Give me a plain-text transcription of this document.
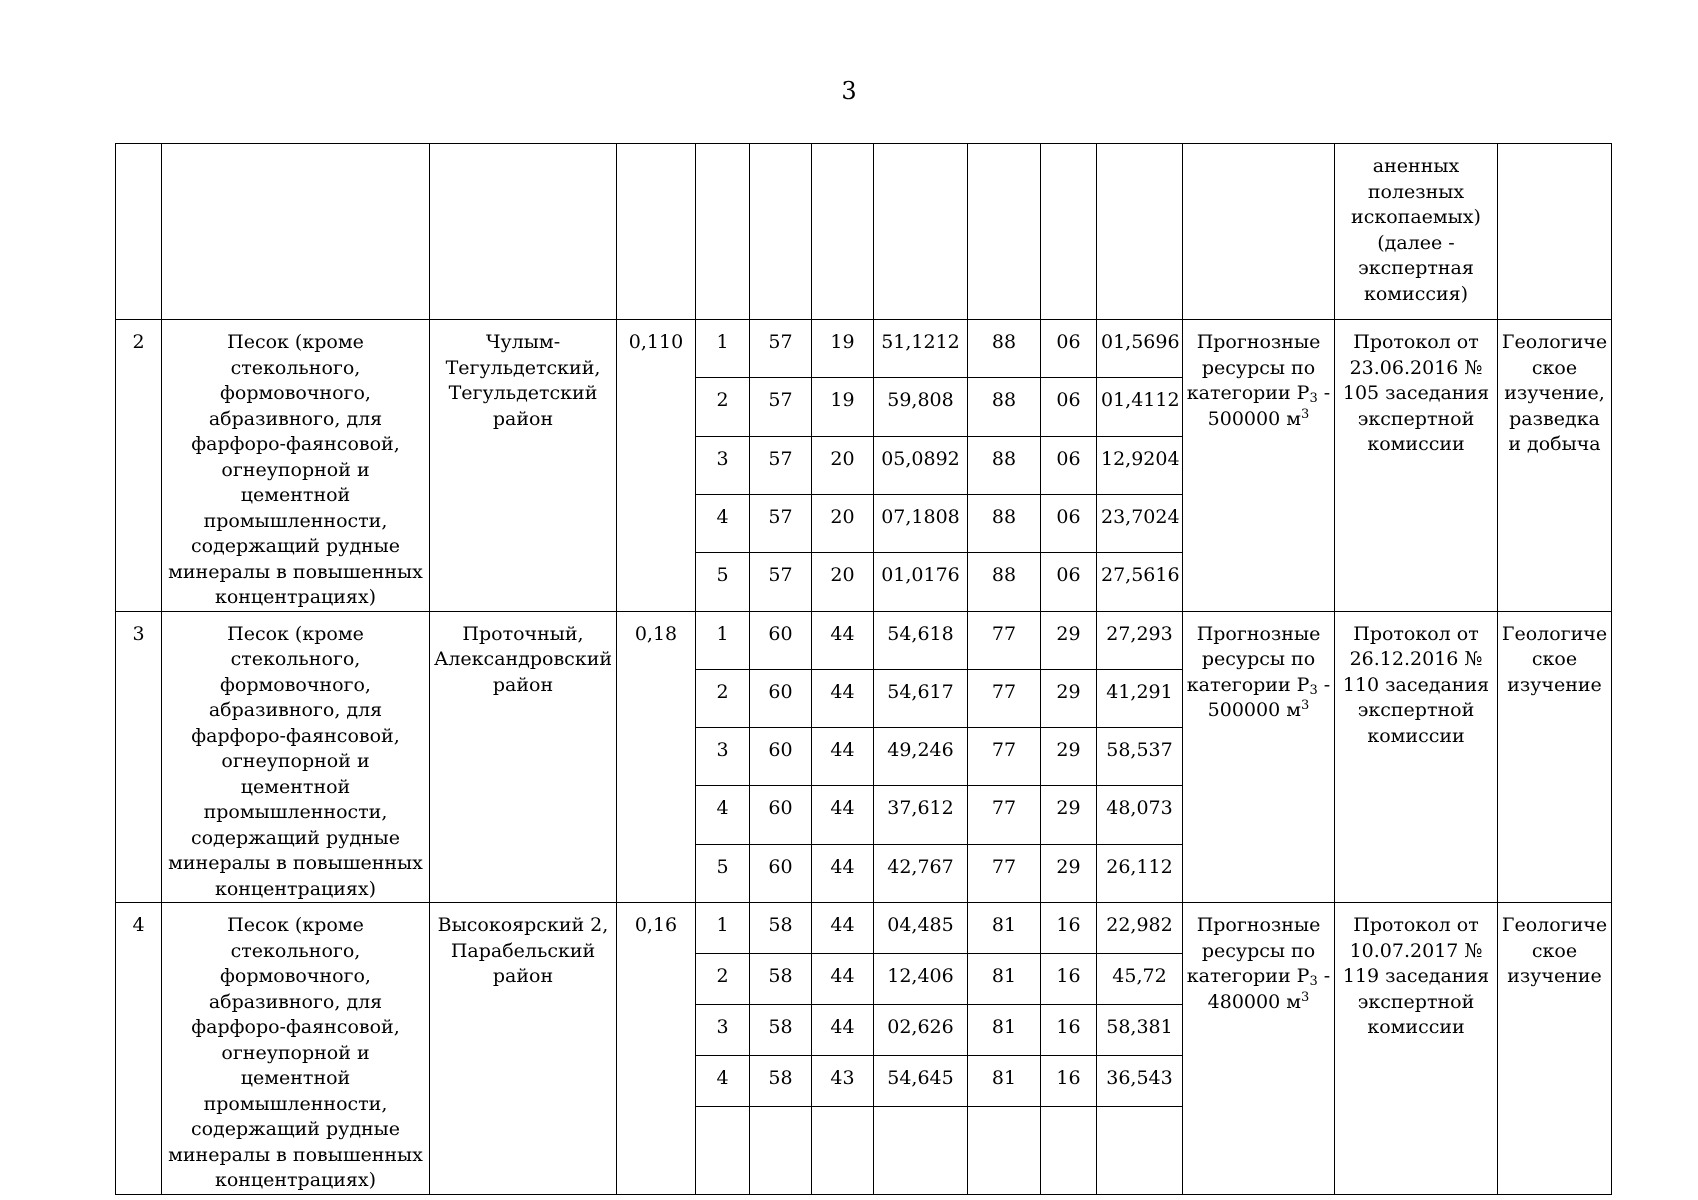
3
												аненных полезных ископаемых) (далее - экспертная комиссия)	
2	Песок (кроме стекольного, формовочного, абразивного, для фарфоро-фаянсовой, огнеупорной и цементной промышленности, содержащий рудные минералы в повышенных концентрациях)	Чулым-Тегульдетский, Тегульдетский район	0,110	1	57	19	51,1212	88	06	01,5696	Прогнозные ресурсы по категории $Р_3 - 500000$ $м^3$	Протокол от 23.06.2016 № 105 заседания экспертной комиссии	Геологиче ское изучение, разведка и добыча
				2	57	19	59,808	88	06	01,4112			
				3	57	20	05,0892	88	06	12,9204			
				4	57	20	07,1808	88	06	23,7024			
				5	57	20	01,0176	88	06	27,5616			
3	Песок (кроме стекольного, формовочного, абразивного, для фарфоро-фаянсовой, огнеупорной и цементной промышленности, содержащий рудные минералы в повышенных концентрациях)	Проточный, Александровский район	0,18	1	60	44	54,618	77	29	27,293	Прогнозные ресурсы по категории $Р_3 - 500000$ $м^3$	Протокол от 26.12.2016 № 110 заседания экспертной комиссии	Геологиче ское изучение
				2	60	44	54,617	77	29	41,291			
				3	60	44	49,246	77	29	58,537			
				4	60	44	37,612	77	29	48,073			
				5	60	44	42,767	77	29	26,112			
4	Песок (кроме стекольного, формовочного, абразивного, для фарфоро-фаянсовой, огнеупорной и цементной промышленности, содержащий рудные минералы в повышенных концентрациях)	Высокоярский 2, Парабельский район	0,16	1	58	44	04,485	81	16	22,982	Прогнозные ресурсы по категории $Р_3 - 480000$ $м^3$	Протокол от 10.07.2017 № 119 заседания экспертной комиссии	Геологиче ское изучение
				2	58	44	12,406	81	16	45,72			
				3	58	44	02,626	81	16	58,381			
				4	58	43	54,645	81	16	36,543			
